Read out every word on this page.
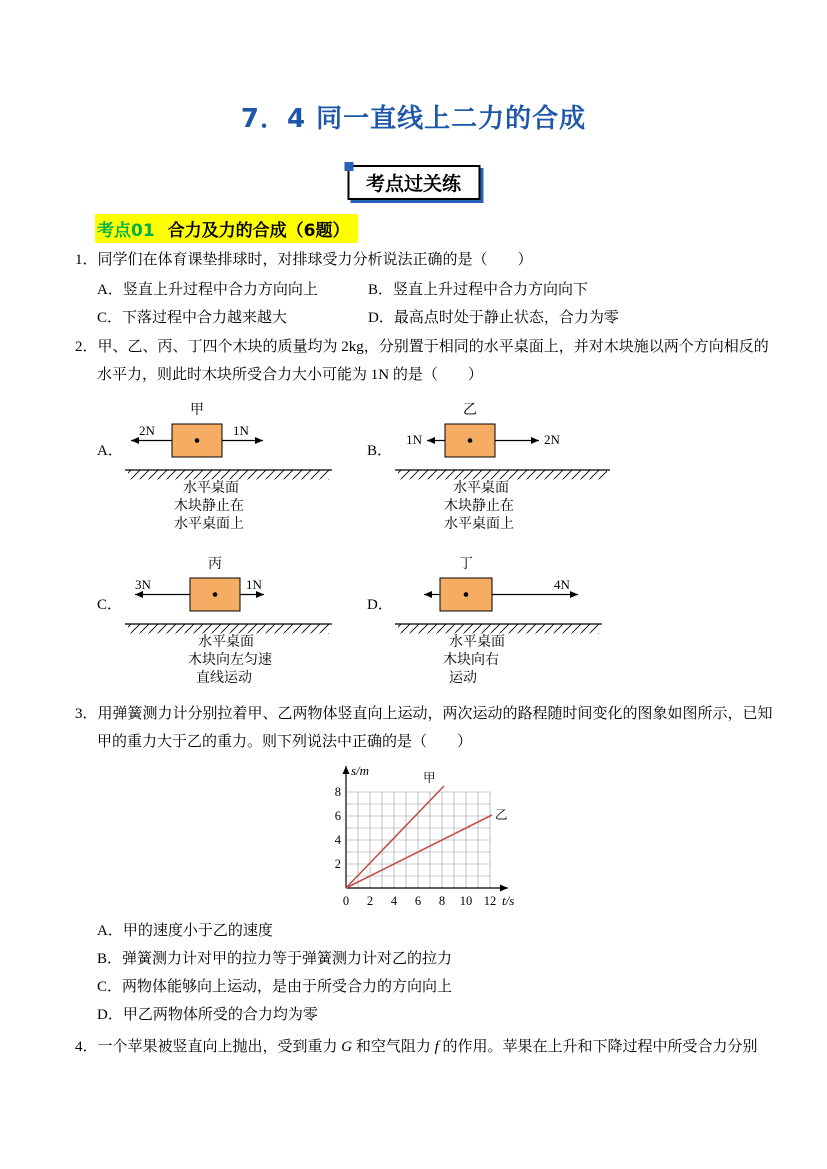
7．4 同一直线上二力的合成
考点过关练
考点01 合力及力的合成（6题）
1．同学们在体育课垫排球时，对排球受力分析说法正确的是（　　）
A．竖直上升过程中合力方向向上	B．竖直上升过程中合力方向向下
C．下落过程中合力越来越大	D．最高点时处于静止状态，合力为零
2．甲、乙、丙、丁四个木块的质量均为 2kg，分别置于相同的水平桌面上，并对木块施以两个方向相反的
水平力，则此时木块所受合力大小可能为 1N 的是（　　）
A．
甲
2N	1N
水平桌面
木块静止在
水平桌面上
B．
乙
1N	2N
水平桌面
木块静止在
水平桌面上
C．
丙
3N	1N
水平桌面
木块向左匀速
直线运动
D．
丁
4N
水平桌面
木块向右
运动
3．用弹簧测力计分别拉着甲、乙两物体竖直向上运动，两次运动的路程随时间变化的图象如图所示，已知
甲的重力大于乙的重力。则下列说法中正确的是（　　）
s/m
t/s
0 2 4 6 8 10 12
8
6
4
2
甲
乙
A．甲的速度小于乙的速度
B．弹簧测力计对甲的拉力等于弹簧测力计对乙的拉力
C．两物体能够向上运动，是由于所受合力的方向向上
D．甲乙两物体所受的合力均为零
4．一个苹果被竖直向上抛出，受到重力 G 和空气阻力 f 的作用。苹果在上升和下降过程中所受合力分别
